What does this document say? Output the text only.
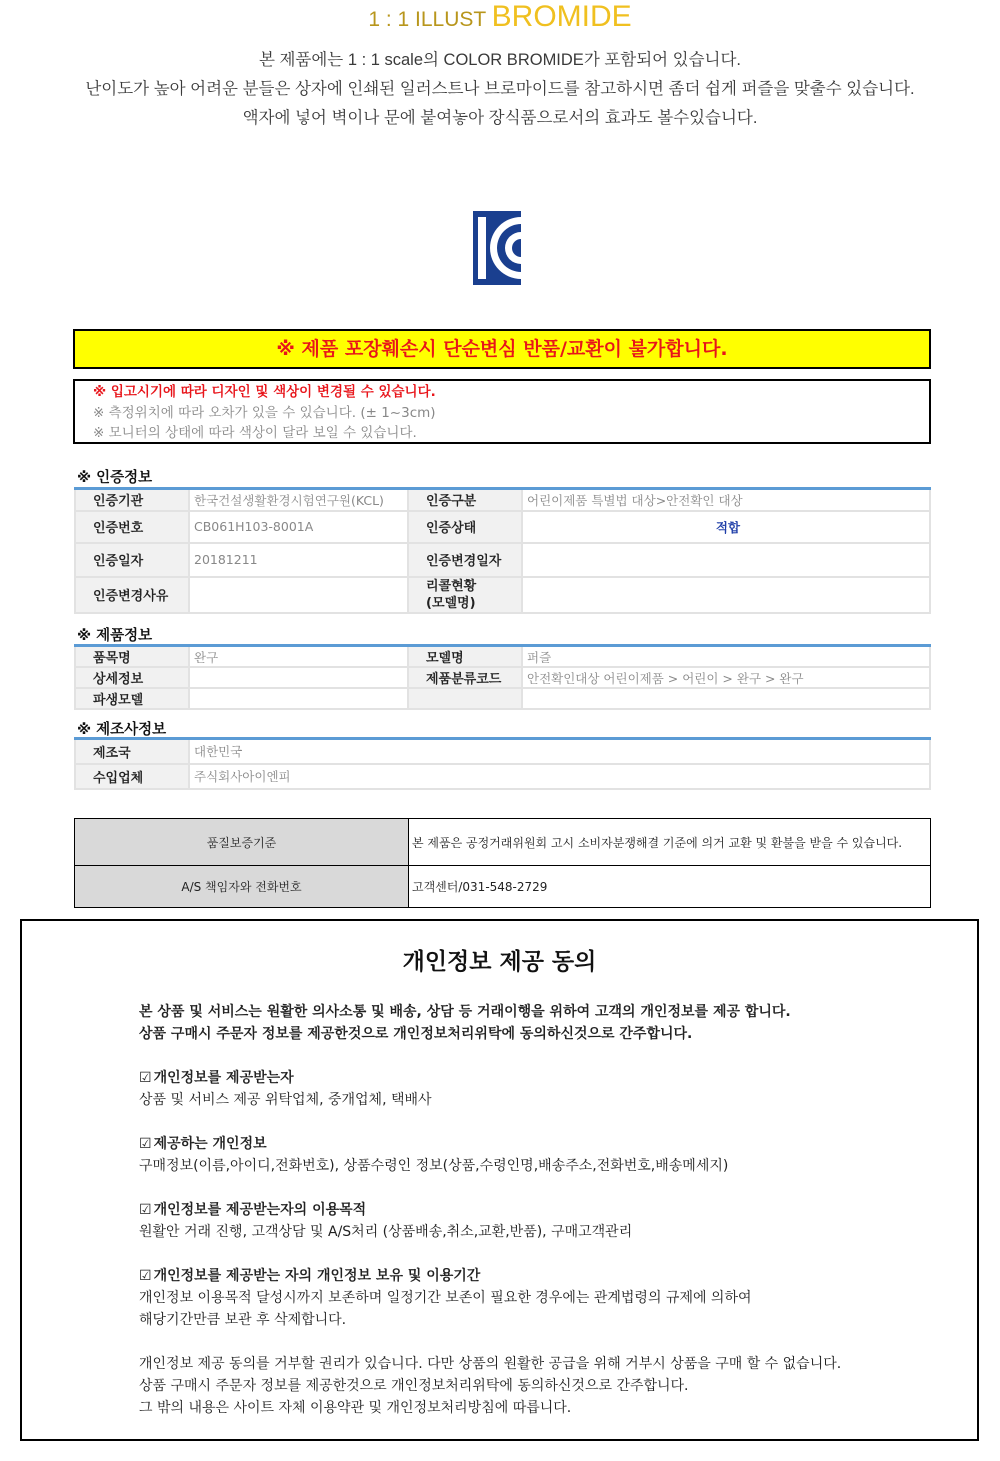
1 : 1 ILLUST BROMIDE

본 제품에는 1 : 1 scale의 COLOR BROMIDE가 포함되어 있습니다.

난이도가 높아 어려운 분들은 상자에 인쇄된 일러스트나 브로마이드를 참고하시면 좀더 쉽게 퍼즐을 맞출수 있습니다.

액자에 넣어 벽이나 문에 붙여놓아 장식품으로서의 효과도 볼수있습니다.

※ 제품 포장훼손시 단순변심 반품/교환이 불가합니다.
※ 입고시기에 따라 디자인 및 색상이 변경될 수 있습니다.
※ 측정위치에 따라 오차가 있을 수 있습니다. (± 1~3cm)
※ 모니터의 상태에 따라 색상이 달라 보일 수 있습니다.
※ 인증정보
인증기관	한국건설생활환경시험연구원(KCL)	인증구분	어린이제품 특별법 대상>안전확인 대상
인증번호	CB061H103-8001A	인증상태	적합
인증일자	20181211	인증변경일자	
인증변경사유		리콜현황
(모델명)	

※ 제품정보
품목명	완구	모델명	퍼즐
상세정보		제품분류코드	안전확인대상 어린이제품 > 어린이 > 완구 > 완구
파생모델			
※ 제조사정보
제조국	대한민국
수입업체	주식회사아이엔피
품질보증기준	본 제품은 공정거래위원회 고시 소비자분쟁해결 기준에 의거 교환 및 환불을 받을 수 있습니다.
A/S 책임자와 전화번호	고객센터/031-548-2729
개인정보 제공 동의
본 상품 및 서비스는 원활한 의사소통 및 배송, 상담 등 거래이행을 위하여 고객의 개인정보를 제공 합니다.
상품 구매시 주문자 정보를 제공한것으로 개인정보처리위탁에 동의하신것으로 간주합니다.
☑ 개인정보를 제공받는자
상품 및 서비스 제공 위탁업체, 중개업체, 택배사
☑ 제공하는 개인정보
구매정보(이름,아이디,전화번호), 상품수령인 정보(상품,수령인명,배송주소,전화번호,배송메세지)
☑ 개인정보를 제공받는자의 이용목적
원활안 거래 진행, 고객상담 및 A/S처리 (상품배송,취소,교환,반품), 구매고객관리
☑ 개인정보를 제공받는 자의 개인정보 보유 및 이용기간
개인정보 이용목적 달성시까지 보존하며 일정기간 보존이 필요한 경우에는 관계법령의 규제에 의하여
해당기간만큼 보관 후 삭제합니다.
개인정보 제공 동의를 거부할 권리가 있습니다. 다만 상품의 원활한 공급을 위해 거부시 상품을 구매 할 수 없습니다.
상품 구매시 주문자 정보를 제공한것으로 개인정보처리위탁에 동의하신것으로 간주합니다.
그 밖의 내용은 사이트 자체 이용약관 및 개인정보처리방침에 따릅니다.
